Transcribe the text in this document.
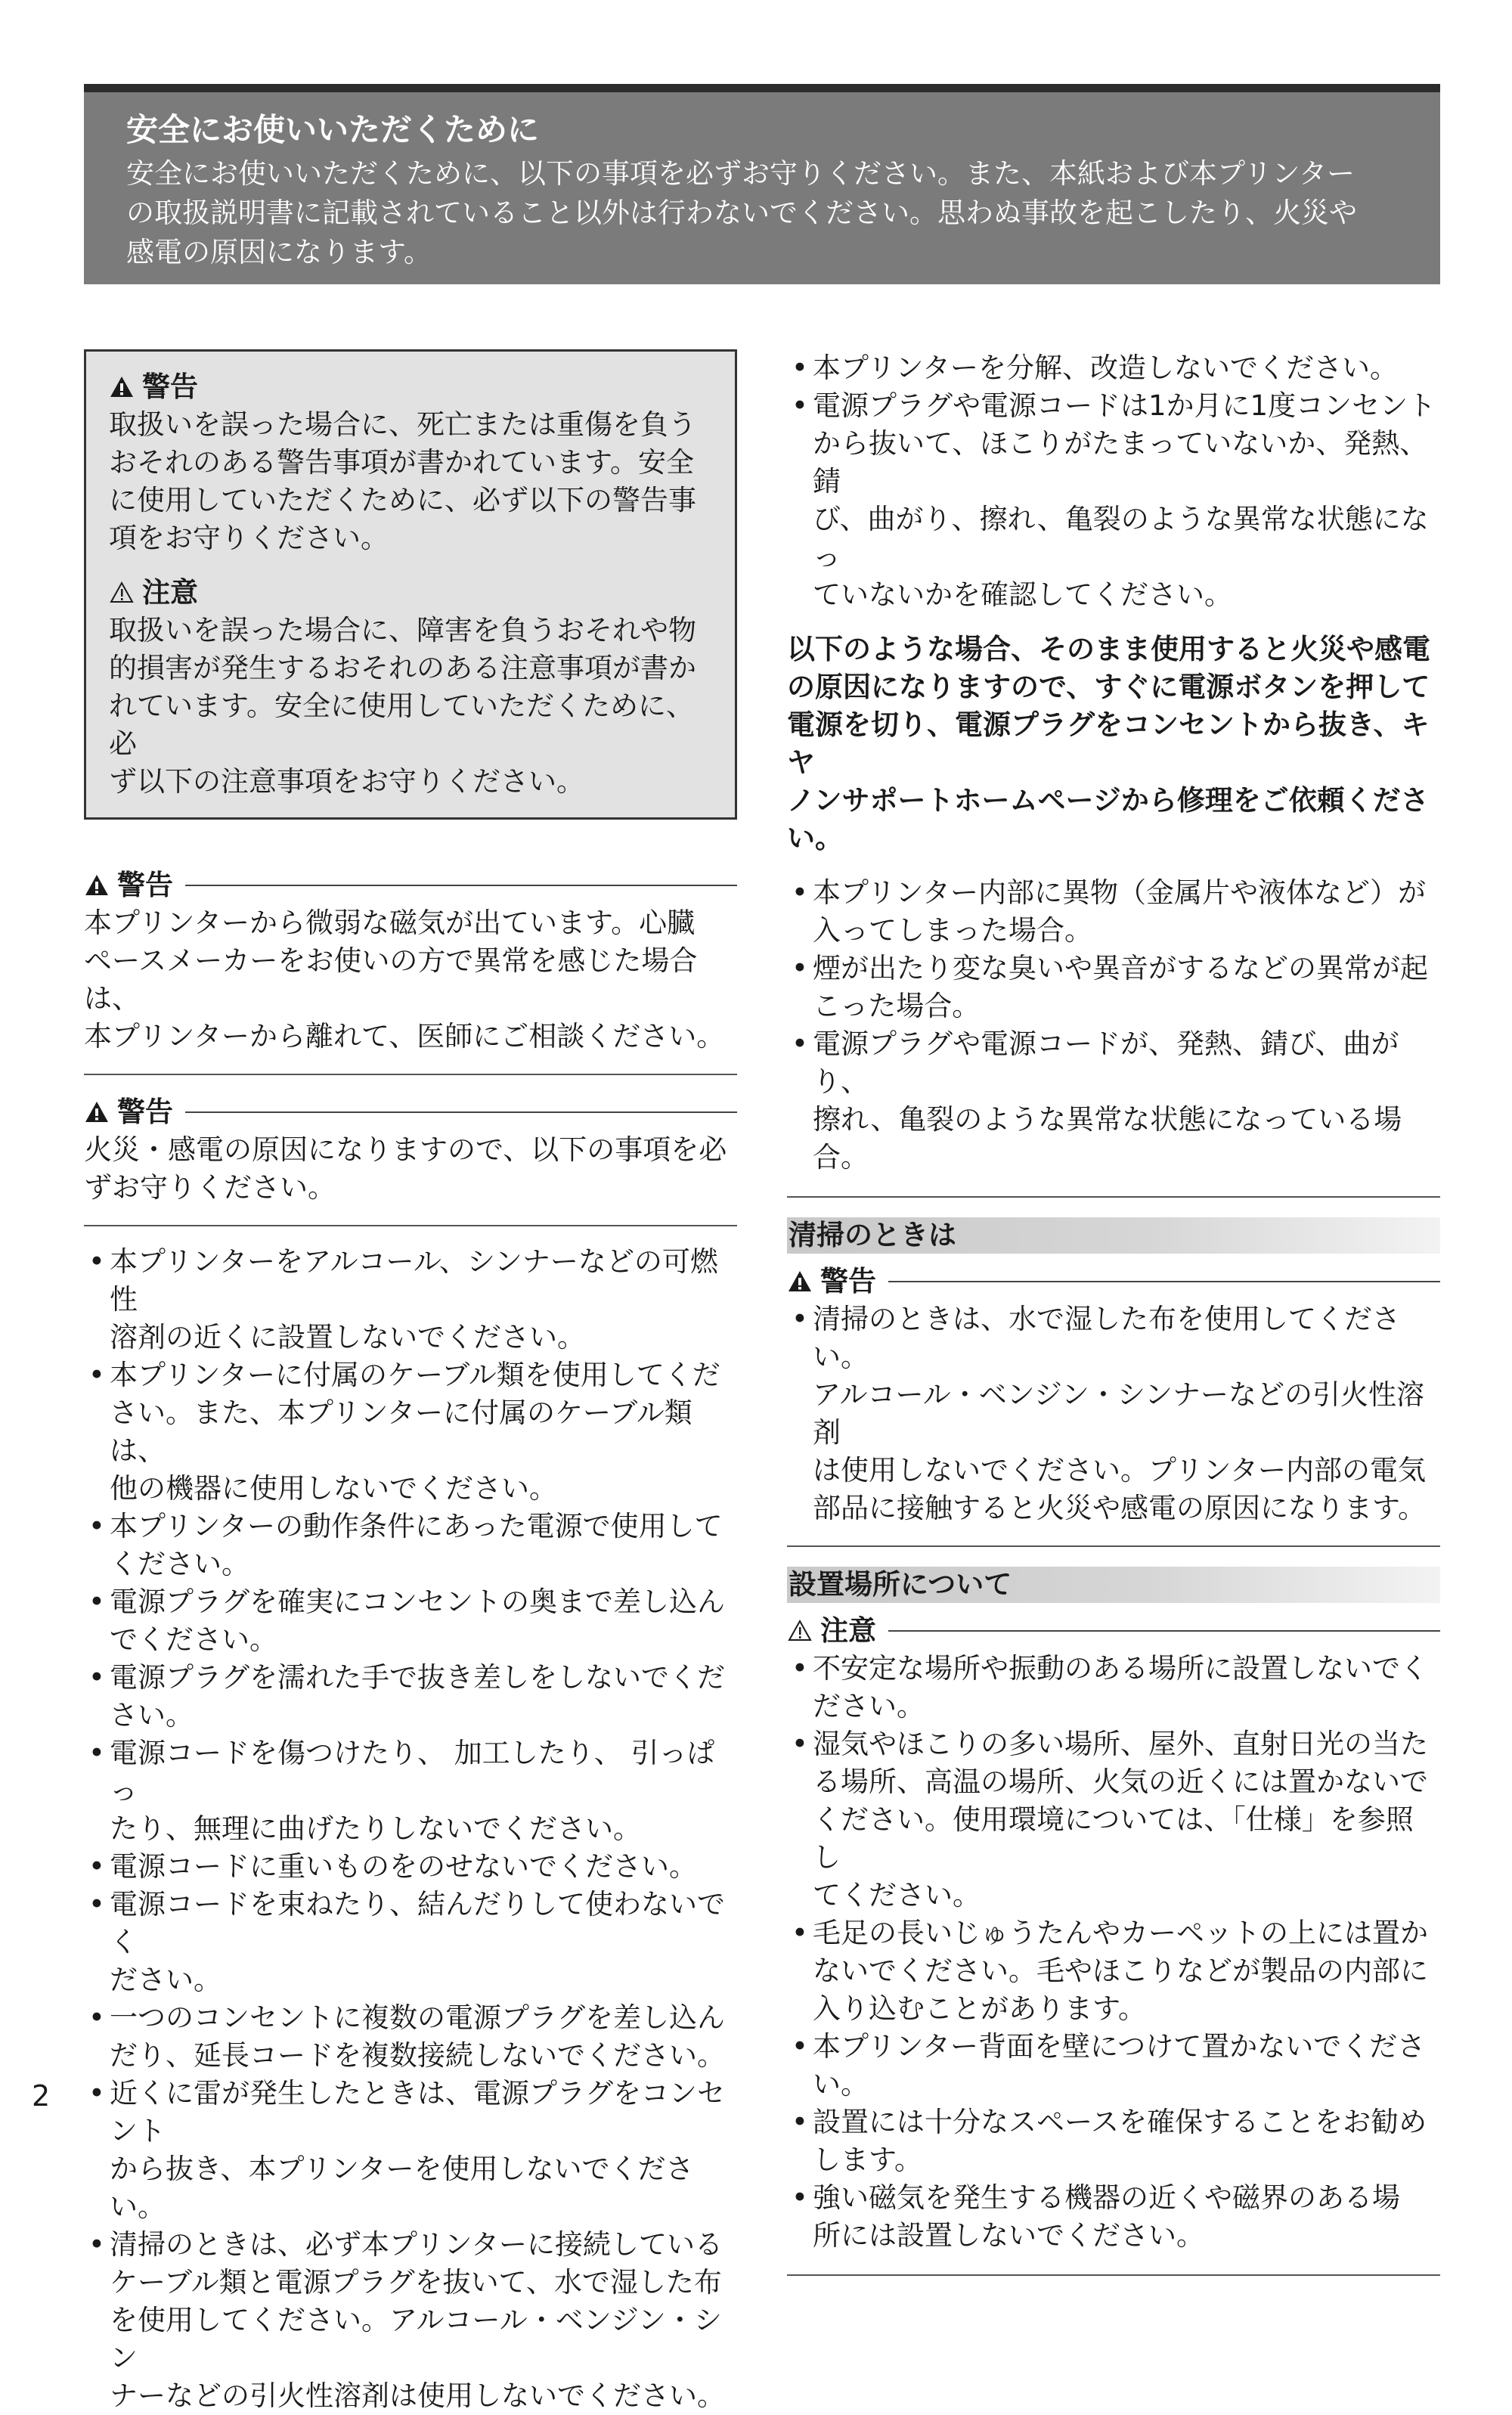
安全にお使いいただくために
安全にお使いいただくために、以下の事項を必ずお守りください。また、本紙および本プリンター
の取扱説明書に記載されていること以外は行わないでください。思わぬ事故を起こしたり、火災や
感電の原因になります。
警告
取扱いを誤った場合に、死亡または重傷を負う
おそれのある警告事項が書かれています。安全
に使用していただくために、必ず以下の警告事
項をお守りください。
注意
取扱いを誤った場合に、障害を負うおそれや物
的損害が発生するおそれのある注意事項が書か
れています。安全に使用していただくために、必
ず以下の注意事項をお守りください。
警告
本プリンターから微弱な磁気が出ています。心臓
ペースメーカーをお使いの方で異常を感じた場合は、
本プリンターから離れて、医師にご相談ください。
警告
火災・感電の原因になりますので、以下の事項を必
ずお守りください。
• 本プリンターをアルコール、シンナーなどの可燃性
溶剤の近くに設置しないでください。
• 本プリンターに付属のケーブル類を使用してくだ
さい。また、本プリンターに付属のケーブル類は、
他の機器に使用しないでください。
• 本プリンターの動作条件にあった電源で使用して
ください。
• 電源プラグを確実にコンセントの奥まで差し込ん
でください。
• 電源プラグを濡れた手で抜き差しをしないでくだ
さい。
• 電源コードを傷つけたり、 加工したり、 引っぱっ
たり、無理に曲げたりしないでください。
• 電源コードに重いものをのせないでください。
• 電源コードを束ねたり、結んだりして使わないでく
ださい。
• 一つのコンセントに複数の電源プラグを差し込ん
だり、延長コードを複数接続しないでください。
• 近くに雷が発生したときは、電源プラグをコンセント
から抜き、本プリンターを使用しないでください。
• 清掃のときは、必ず本プリンターに接続している
ケーブル類と電源プラグを抜いて、水で湿した布
を使用してください。アルコール・ベンジン・シン
ナーなどの引火性溶剤は使用しないでください。
• 本プリンターを分解、改造しないでください。
• 電源プラグや電源コードは1か月に1度コンセント
から抜いて、ほこりがたまっていないか、発熱、錆
び、曲がり、擦れ、亀裂のような異常な状態になっ
ていないかを確認してください。
以下のような場合、そのまま使用すると火災や感電
の原因になりますので、すぐに電源ボタンを押して
電源を切り、電源プラグをコンセントから抜き、キヤ
ノンサポートホームページから修理をご依頼くださ
い。
• 本プリンター内部に異物（金属片や液体など）が
入ってしまった場合。
• 煙が出たり変な臭いや異音がするなどの異常が起
こった場合。
• 電源プラグや電源コードが、発熱、錆び、曲がり、
擦れ、亀裂のような異常な状態になっている場
合。
清掃のときは
警告
• 清掃のときは、水で湿した布を使用してください。
アルコール・ベンジン・シンナーなどの引火性溶剤
は使用しないでください。プリンター内部の電気
部品に接触すると火災や感電の原因になります。
設置場所について
注意
• 不安定な場所や振動のある場所に設置しないでく
ださい。
• 湿気やほこりの多い場所、屋外、直射日光の当た
る場所、高温の場所、火気の近くには置かないで
ください。使用環境については、「仕様」を参照し
てください。
• 毛足の長いじゅうたんやカーペットの上には置か
ないでください。毛やほこりなどが製品の内部に
入り込むことがあります。
• 本プリンター背面を壁につけて置かないでください。
• 設置には十分なスペースを確保することをお勧め
します。
• 強い磁気を発生する機器の近くや磁界のある場
所には設置しないでください。
2
